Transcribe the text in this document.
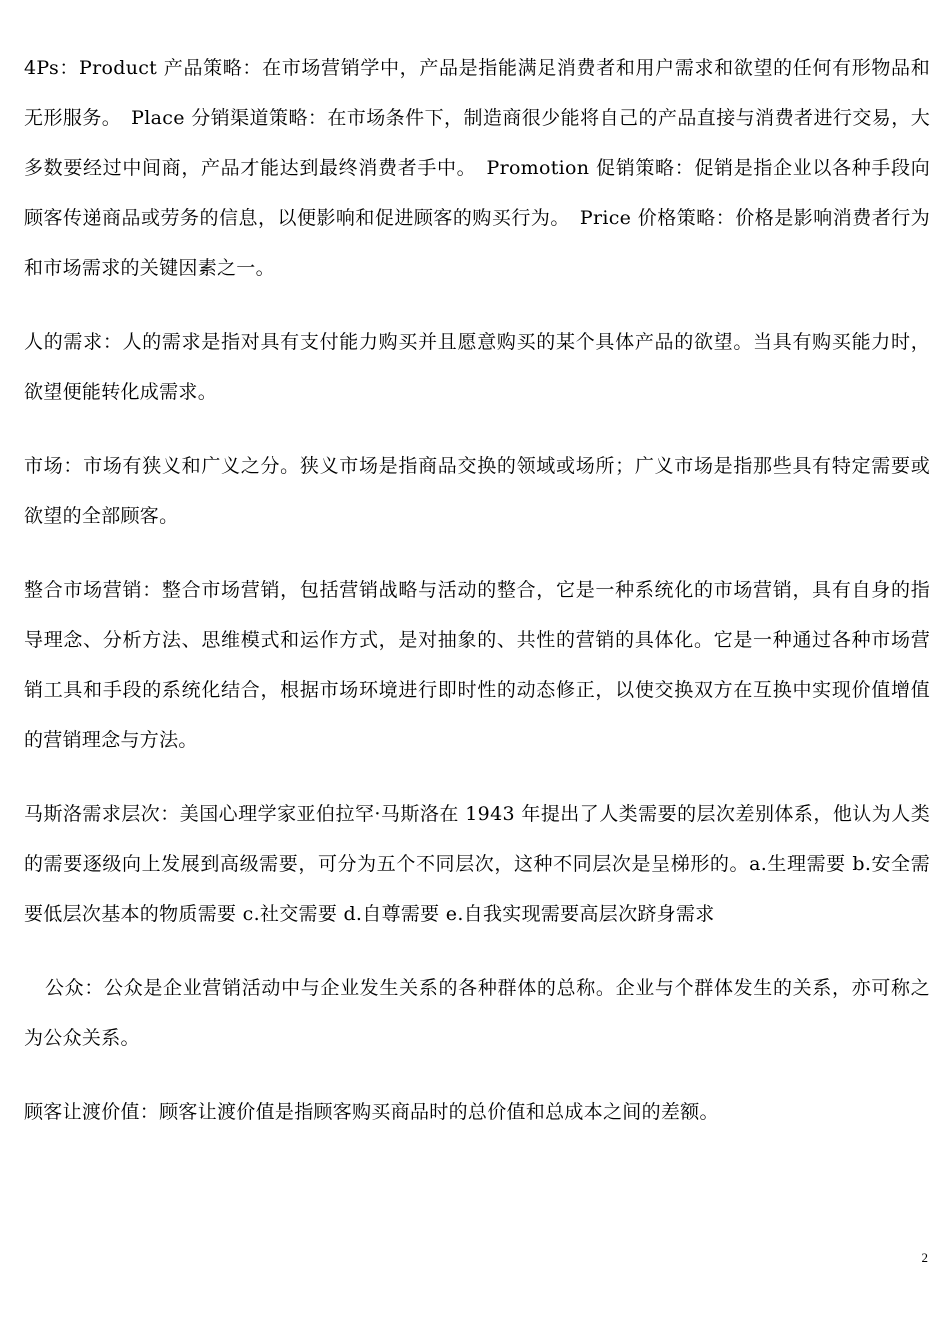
4Ps：Product 产品策略：在市场营销学中，产品是指能满足消费者和用户需求和欲望的任何有形物品和无形服务。　Place 分销渠道策略：在市场条件下，制造商很少能将自己的产品直接与消费者进行交易，大多数要经过中间商，产品才能达到最终消费者手中。　Promotion 促销策略：促销是指企业以各种手段向顾客传递商品或劳务的信息，以便影响和促进顾客的购买行为。　Price 价格策略：价格是影响消费者行为和市场需求的关键因素之一。

人的需求：人的需求是指对具有支付能力购买并且愿意购买的某个具体产品的欲望。当具有购买能力时，欲望便能转化成需求。

市场：市场有狭义和广义之分。狭义市场是指商品交换的领域或场所；广义市场是指那些具有特定需要或欲望的全部顾客。

整合市场营销：整合市场营销，包括营销战略与活动的整合，它是一种系统化的市场营销，具有自身的指导理念、分析方法、思维模式和运作方式，是对抽象的、共性的营销的具体化。它是一种通过各种市场营销工具和手段的系统化结合，根据市场环境进行即时性的动态修正，以使交换双方在互换中实现价值增值的营销理念与方法。

马斯洛需求层次：美国心理学家亚伯拉罕·马斯洛在 1943 年提出了人类需要的层次差别体系，他认为人类的需要逐级向上发展到高级需要，可分为五个不同层次，这种不同层次是呈梯形的。a.生理需要 b.安全需要低层次基本的物质需要 c.社交需要 d.自尊需要 e.自我实现需要高层次跻身需求

公众：公众是企业营销活动中与企业发生关系的各种群体的总称。企业与个群体发生的关系，亦可称之为公众关系。

顾客让渡价值：顾客让渡价值是指顾客购买商品时的总价值和总成本之间的差额。

2
